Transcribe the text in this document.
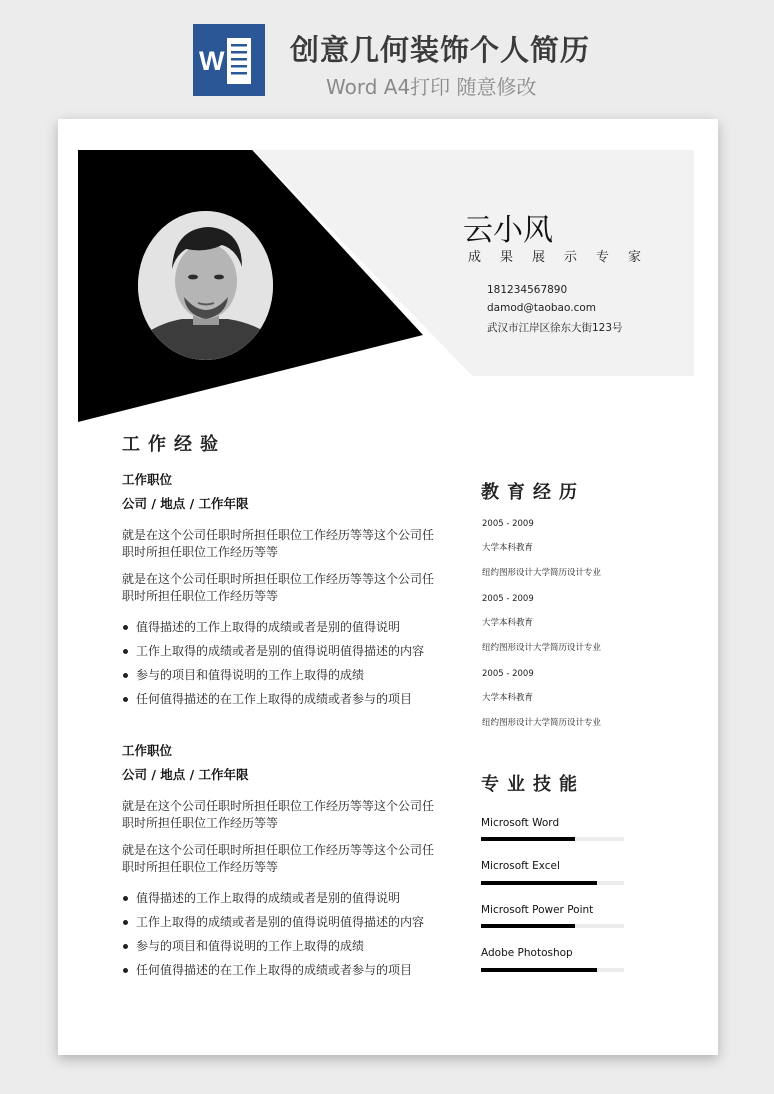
W 创意几何装饰个人简历
Word A4打印 随意修改
云小风
成果展示专家
181234567890
damod@taobao.com
武汉市江岸区徐东大街123号
工作经验
工作职位
公司 / 地点 / 工作年限
就是在这个公司任职时所担任职位工作经历等等这个公司任职时所担任职位工作经历等等
就是在这个公司任职时所担任职位工作经历等等这个公司任职时所担任职位工作经历等等
值得描述的工作上取得的成绩或者是别的值得说明
工作上取得的成绩或者是别的值得说明值得描述的内容
参与的项目和值得说明的工作上取得的成绩
任何值得描述的在工作上取得的成绩或者参与的项目
工作职位
公司 / 地点 / 工作年限
就是在这个公司任职时所担任职位工作经历等等这个公司任职时所担任职位工作经历等等
就是在这个公司任职时所担任职位工作经历等等这个公司任职时所担任职位工作经历等等
值得描述的工作上取得的成绩或者是别的值得说明
工作上取得的成绩或者是别的值得说明值得描述的内容
参与的项目和值得说明的工作上取得的成绩
任何值得描述的在工作上取得的成绩或者参与的项目
教育经历
2005 - 2009
大学本科教育
纽约图形设计大学简历设计专业
2005 - 2009
大学本科教育
纽约图形设计大学简历设计专业
2005 - 2009
大学本科教育
纽约图形设计大学简历设计专业
专业技能
Microsoft Word
Microsoft Excel
Microsoft Power Point
Adobe Photoshop
